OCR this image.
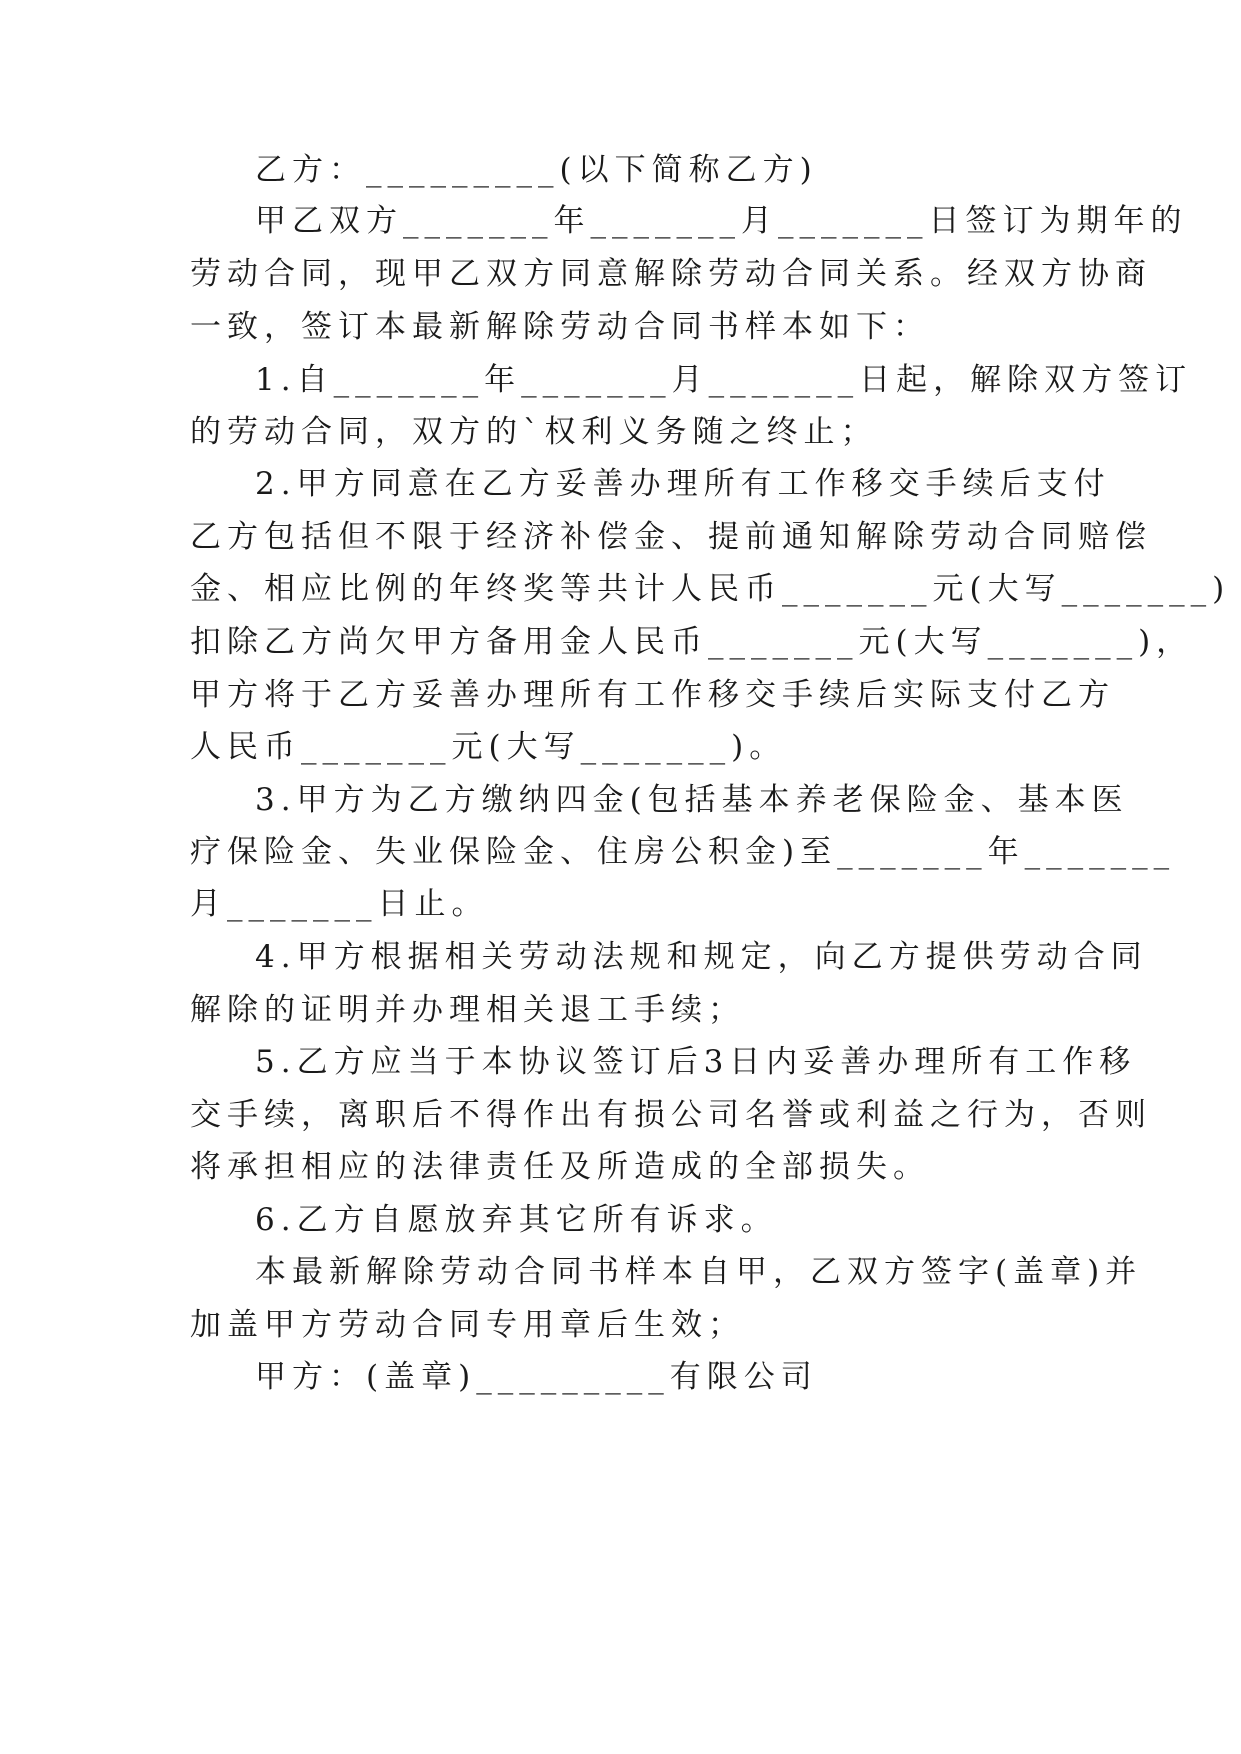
乙方：_________(以下简称乙方)

甲乙双方_______年_______月_______日签订为期年的

劳动合同，现甲乙双方同意解除劳动合同关系。经双方协商

一致，签订本最新解除劳动合同书样本如下：

1.自_______年_______月_______日起，解除双方签订

的劳动合同，双方的`权利义务随之终止；

2.甲方同意在乙方妥善办理所有工作移交手续后支付

乙方包括但不限于经济补偿金、提前通知解除劳动合同赔偿

金、相应比例的年终奖等共计人民币_______元(大写_______)

扣除乙方尚欠甲方备用金人民币_______元(大写_______)，

甲方将于乙方妥善办理所有工作移交手续后实际支付乙方

人民币_______元(大写_______)。

3.甲方为乙方缴纳四金(包括基本养老保险金、基本医

疗保险金、失业保险金、住房公积金)至_______年_______

月_______日止。

4.甲方根据相关劳动法规和规定，向乙方提供劳动合同

解除的证明并办理相关退工手续；

5.乙方应当于本协议签订后3日内妥善办理所有工作移

交手续，离职后不得作出有损公司名誉或利益之行为，否则

将承担相应的法律责任及所造成的全部损失。

6.乙方自愿放弃其它所有诉求。

本最新解除劳动合同书样本自甲，乙双方签字(盖章)并

加盖甲方劳动合同专用章后生效；

甲方：(盖章)_________有限公司
